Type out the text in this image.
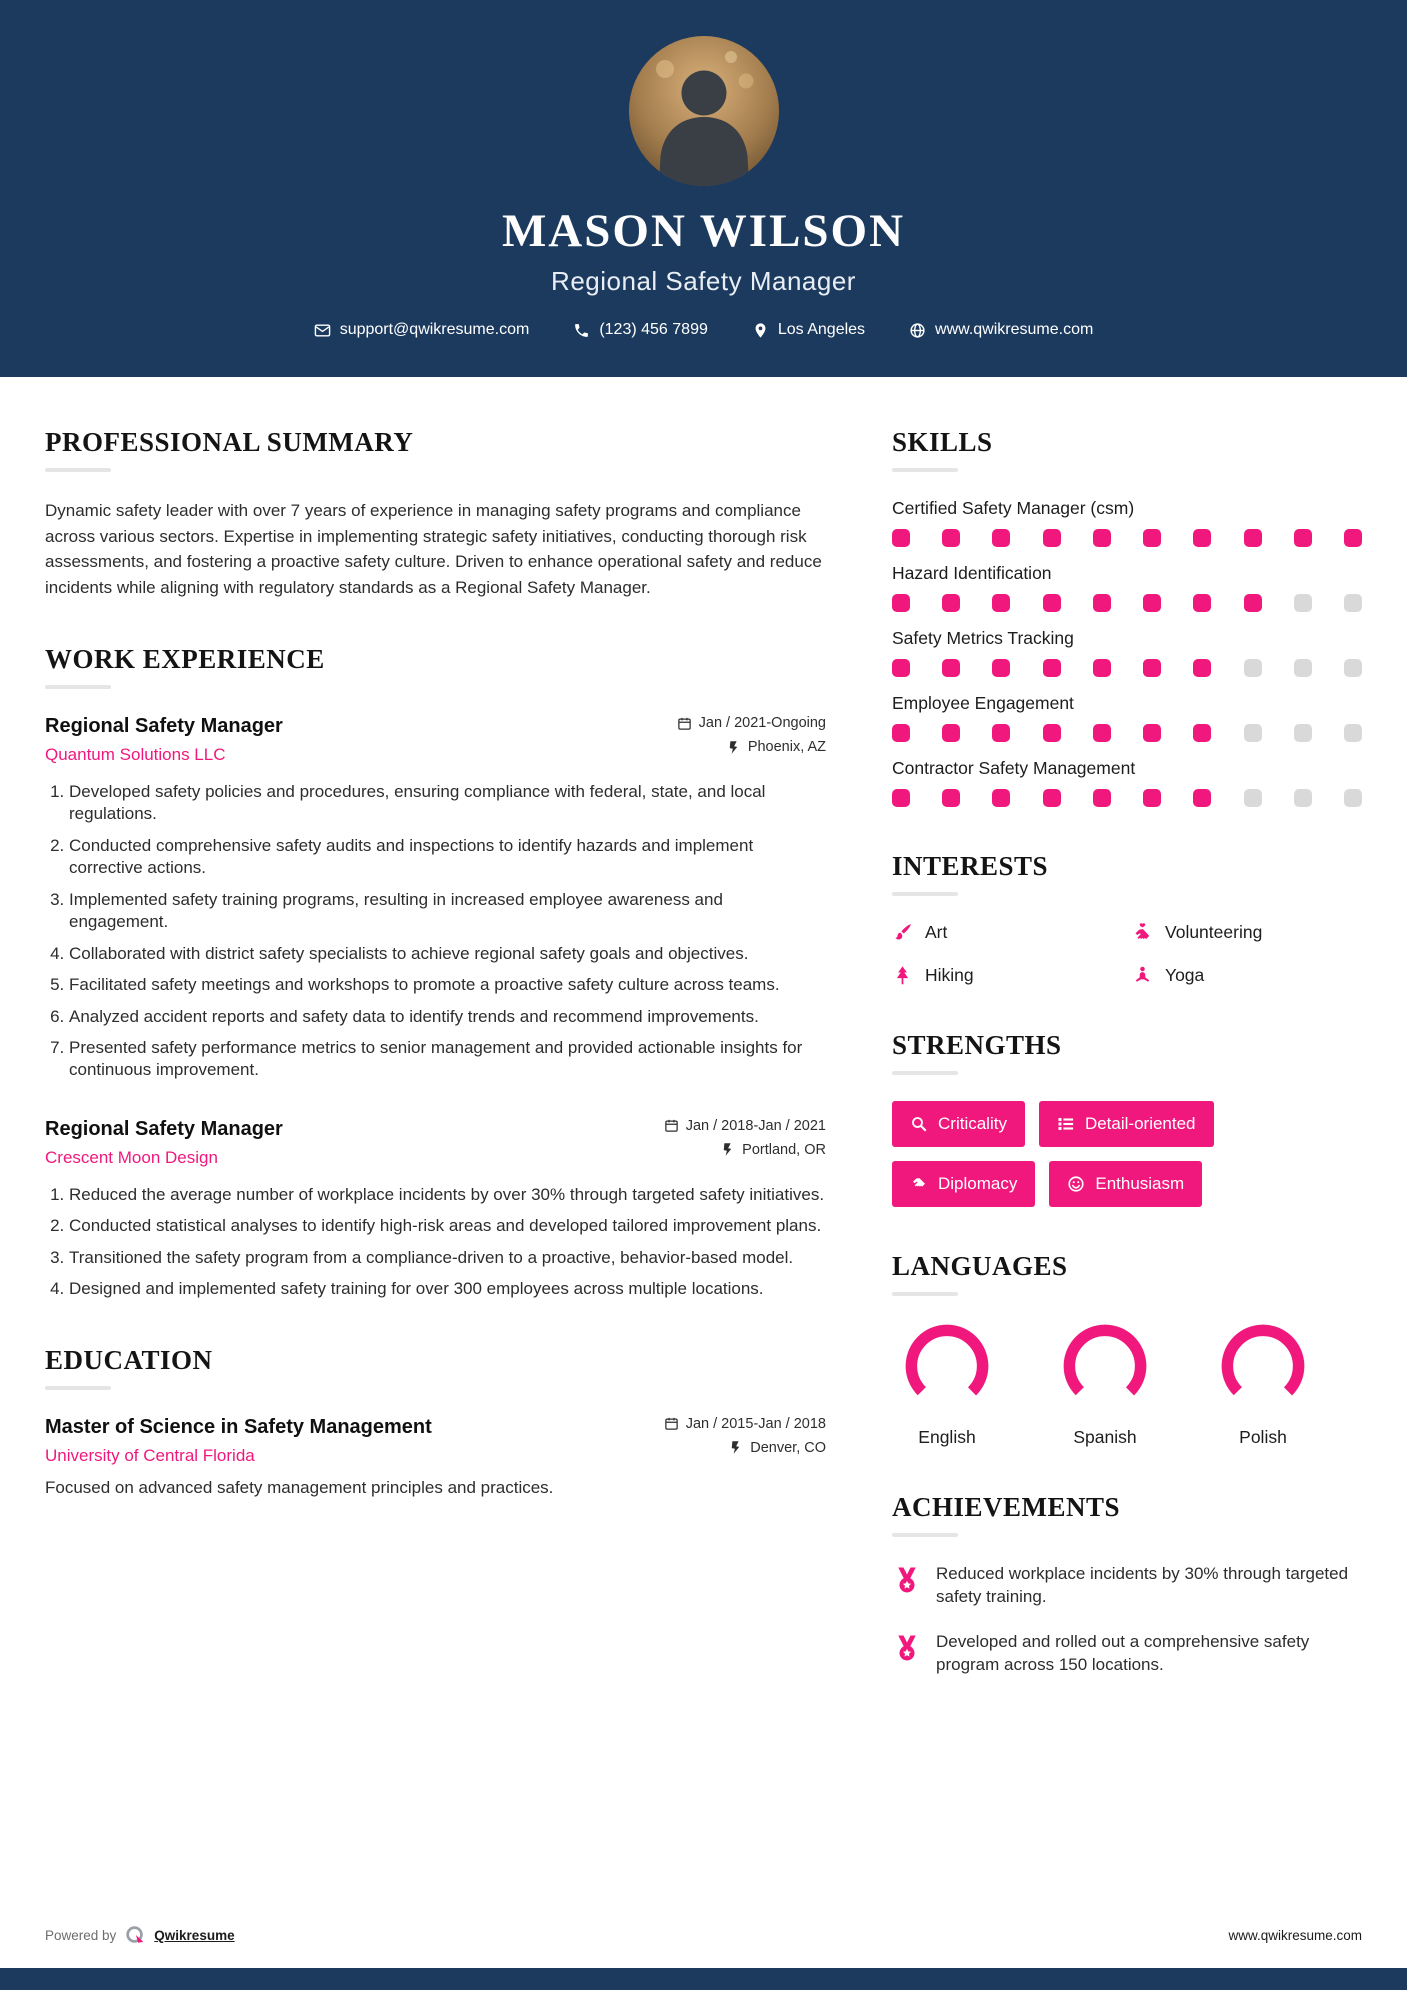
MASON WILSON
Regional Safety Manager
support@qwikresume.com	(123) 456 7899	Los Angeles	www.qwikresume.com
PROFESSIONAL SUMMARY

Dynamic safety leader with over 7 years of experience in managing safety programs and compliance across various sectors. Expertise in implementing strategic safety initiatives, conducting thorough risk assessments, and fostering a proactive safety culture. Driven to enhance operational safety and reduce incidents while aligning with regulatory standards as a Regional Safety Manager.

WORK EXPERIENCE
Regional Safety Manager
Quantum Solutions LLC
Jan / 2021-Ongoing
Phoenix, AZ
1. Developed safety policies and procedures, ensuring compliance with federal, state, and local regulations.
2. Conducted comprehensive safety audits and inspections to identify hazards and implement corrective actions.
3. Implemented safety training programs, resulting in increased employee awareness and engagement.
4. Collaborated with district safety specialists to achieve regional safety goals and objectives.
5. Facilitated safety meetings and workshops to promote a proactive safety culture across teams.
6. Analyzed accident reports and safety data to identify trends and recommend improvements.
7. Presented safety performance metrics to senior management and provided actionable insights for continuous improvement.
Regional Safety Manager
Crescent Moon Design
Jan / 2018-Jan / 2021
Portland, OR
1. Reduced the average number of workplace incidents by over 30% through targeted safety initiatives.
2. Conducted statistical analyses to identify high-risk areas and developed tailored improvement plans.
3. Transitioned the safety program from a compliance-driven to a proactive, behavior-based model.
4. Designed and implemented safety training for over 300 employees across multiple locations.
EDUCATION
Master of Science in Safety Management
University of Central Florida
Jan / 2015-Jan / 2018
Denver, CO

Focused on advanced safety management principles and practices.

SKILLS
Certified Safety Manager (csm)
Hazard Identification
Safety Metrics Tracking
Employee Engagement
Contractor Safety Management
INTERESTS
Art	Volunteering
Hiking	Yoga
STRENGTHS
Criticality	Detail-oriented
Diplomacy	Enthusiasm
LANGUAGES
English	Spanish	Polish
ACHIEVEMENTS
Reduced workplace incidents by 30% through targeted safety training.
Developed and rolled out a comprehensive safety program across 150 locations.
Powered by	Qwikresume	www.qwikresume.com
